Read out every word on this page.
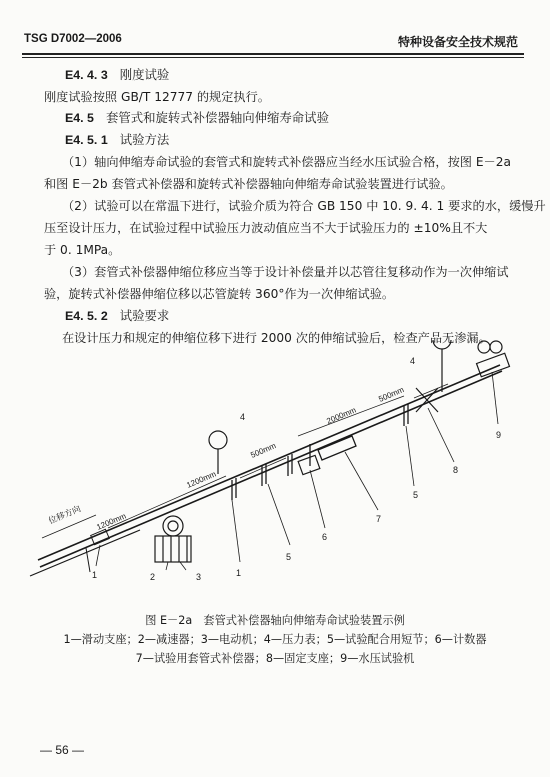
TSG D7002—2006	特种设备安全技术规范
E4. 4. 3 刚度试验
刚度试验按照 GB/T 12777 的规定执行。
E4. 5 套管式和旋转式补偿器轴向伸缩寿命试验
E4. 5. 1 试验方法
（1）轴向伸缩寿命试验的套管式和旋转式补偿器应当经水压试验合格，按图 E－2a
和图 E－2b 套管式补偿器和旋转式补偿器轴向伸缩寿命试验装置进行试验。
（2）试验可以在常温下进行，试验介质为符合 GB 150 中 10. 9. 4. 1 要求的水，缓慢升
压至设计压力，在试验过程中试验压力波动值应当不大于试验压力的 ±10%且不大
于 0. 1MPa。
（3）套管式补偿器伸缩位移应当等于设计补偿量并以芯管往复移动作为一次伸缩试
验，旋转式补偿器伸缩位移以芯管旋转 360°作为一次伸缩试验。
E4. 5. 2 试验要求
在设计压力和规定的伸缩位移下进行 2000 次的伸缩试验后，检查产品无渗漏。
1200mm
1200mm
500mm
2000mm
500mm
位移方向
1	1
2	3
4
4
5
5
6
7
8
9
图 E－2a　套管式补偿器轴向伸缩寿命试验装置示例
1—滑动支座；2—减速器；3—电动机；4—压力表；5—试验配合用短节；6—计数器
7—试验用套管式补偿器；8—固定支座；9—水压试验机
— 56 —
